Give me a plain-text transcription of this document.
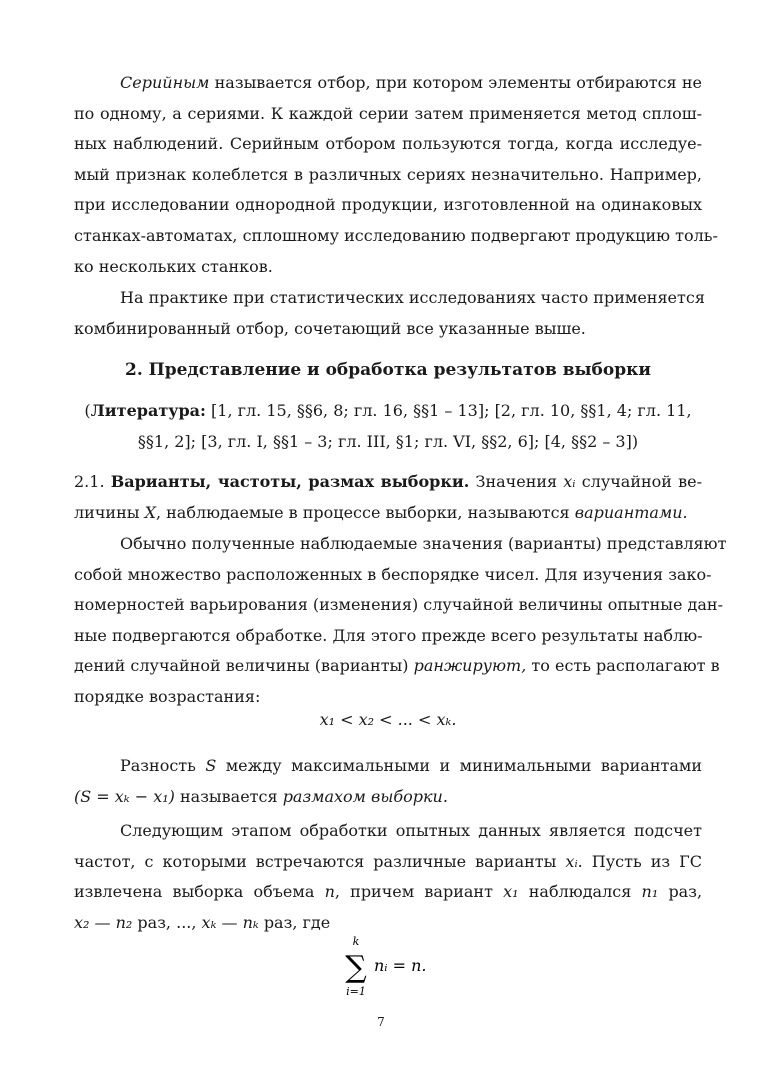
Серийным называется отбор, при котором элементы отбираются не
по одному, а сериями. К каждой серии затем применяется метод сплош-
ных наблюдений. Серийным отбором пользуются тогда, когда исследуе-
мый признак колеблется в различных сериях незначительно. Например,
при исследовании однородной продукции, изготовленной на одинаковых
станках-автоматах, сплошному исследованию подвергают продукцию толь-
ко нескольких станков.
На практике при статистических исследованиях часто применяется
комбинированный отбор, сочетающий все указанные выше.

2. Представление и обработка результатов выборки

(Литература: [1, гл. 15, §§6, 8; гл. 16, §§1 – 13]; [2, гл. 10, §§1, 4; гл. 11,
§§1, 2]; [3, гл. I, §§1 – 3; гл. III, §1; гл. VI, §§2, 6]; [4, §§2 – 3])
2.1. Варианты, частоты, размах выборки. Значения xᵢ случайной ве-
личины X, наблюдаемые в процессе выборки, называются вариантами.
Обычно полученные наблюдаемые значения (варианты) представляют
собой множество расположенных в беспорядке чисел. Для изучения зако-
номерностей варьирования (изменения) случайной величины опытные дан-
ные подвергаются обработке. Для этого прежде всего результаты наблю-
дений случайной величины (варианты) ранжируют, то есть располагают в
порядке возрастания:

x₁ < x₂ < ... < xₖ.

Разность S между максимальными и минимальными вариантами
(S = xₖ − x₁) называется размахом выборки.
Следующим этапом обработки опытных данных является подсчет
частот, с которыми встречаются различные варианты xᵢ. Пусть из ГС
извлечена выборка объема n, причем вариант x₁ наблюдался n₁ раз,
x₂ — n₂ раз, ..., xₖ — nₖ раз, где
k
∑
i=1
nᵢ = n.
7
